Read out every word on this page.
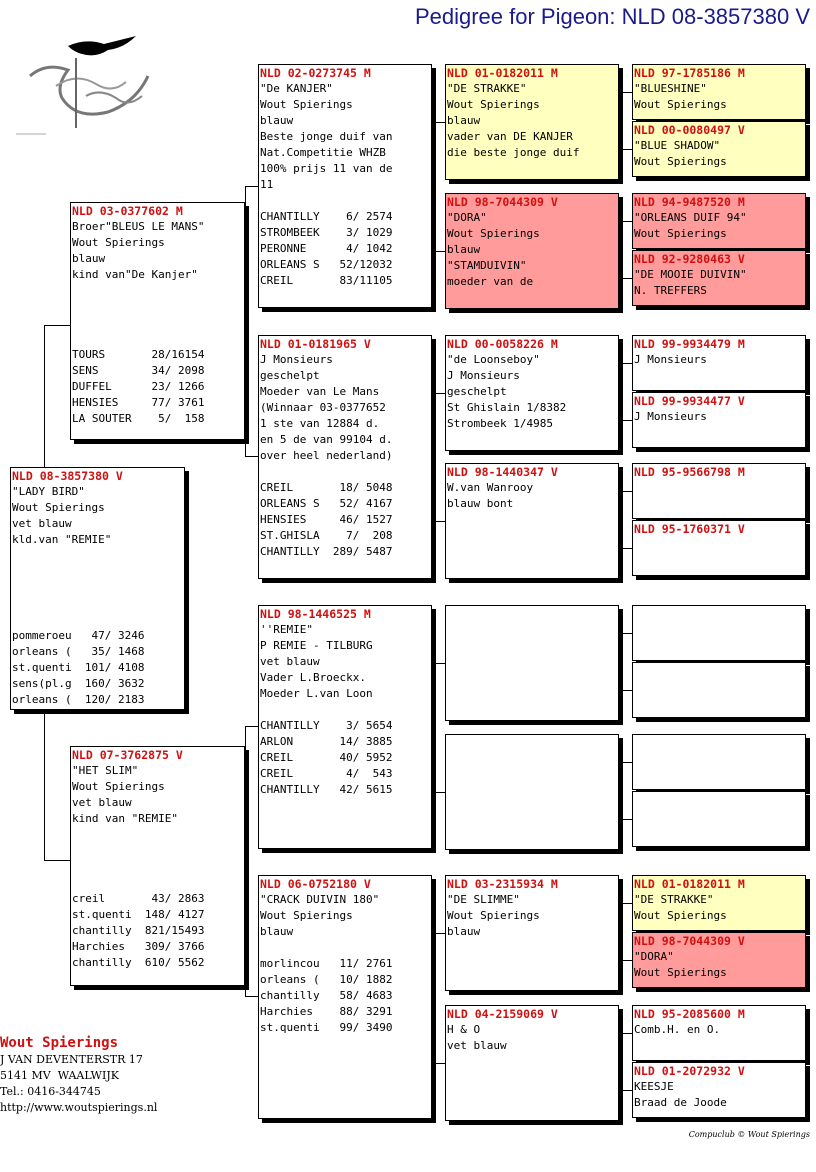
Pedigree for Pigeon: NLD 08-3857380 V
NLD 08-3857380 V
"LADY BIRD"
Wout Spierings
vet blauw
kld.van "REMIE"
pommeroeu   47/ 3246
orleans (   35/ 1468
st.quenti  101/ 4108
sens(pl.g  160/ 3632
orleans (  120/ 2183
NLD 03-0377602 M
Broer"BLEUS LE MANS"
Wout Spierings
blauw
kind van"De Kanjer"
TOURS       28/16154
SENS        34/ 2098
DUFFEL      23/ 1266
HENSIES     77/ 3761
LA SOUTER    5/  158
NLD 07-3762875 V
"HET SLIM"
Wout Spierings
vet blauw
kind van "REMIE"
creil       43/ 2863
st.quenti  148/ 4127
chantilly  821/15493
Harchies   309/ 3766
chantilly  610/ 5562
NLD 02-0273745 M
"De KANJER"
Wout Spierings
blauw
Beste jonge duif van
Nat.Competitie WHZB
100% prijs 11 van de
11
CHANTILLY    6/ 2574
STROMBEEK    3/ 1029
PERONNE      4/ 1042
ORLEANS S   52/12032
CREIL       83/11105
NLD 01-0181965 V
J Monsieurs
geschelpt
Moeder van Le Mans
(Winnaar 03-0377652
1 ste van 12884 d.
en 5 de van 99104 d.
over heel nederland)
CREIL       18/ 5048
ORLEANS S   52/ 4167
HENSIES     46/ 1527
ST.GHISLA    7/  208
CHANTILLY  289/ 5487
NLD 98-1446525 M
''REMIE"
P REMIE - TILBURG
vet blauw
Vader L.Broeckx.
Moeder L.van Loon
CHANTILLY    3/ 5654
ARLON       14/ 3885
CREIL       40/ 5952
CREIL        4/  543
CHANTILLY   42/ 5615
NLD 06-0752180 V
"CRACK DUIVIN 180"
Wout Spierings
blauw
morlincou   11/ 2761
orleans (   10/ 1882
chantilly   58/ 4683
Harchies    88/ 3291
st.quenti   99/ 3490
NLD 01-0182011 M
"DE STRAKKE"
Wout Spierings
blauw
vader van DE KANJER
die beste jonge duif
NLD 98-7044309 V
"DORA"
Wout Spierings
blauw
"STAMDUIVIN"
moeder van de
NLD 00-0058226 M
"de Loonseboy"
J Monsieurs
geschelpt
St Ghislain 1/8382
Strombeek 1/4985
NLD 98-1440347 V
W.van Wanrooy
blauw bont
NLD 03-2315934 M
"DE SLIMME"
Wout Spierings
blauw
NLD 04-2159069 V
H & O
vet blauw
NLD 97-1785186 M
"BLUESHINE"
Wout Spierings
NLD 00-0080497 V
"BLUE SHADOW"
Wout Spierings
NLD 94-9487520 M
"ORLEANS DUIF 94"
Wout Spierings
NLD 92-9280463 V
"DE MOOIE DUIVIN"
N. TREFFERS
NLD 99-9934479 M
J Monsieurs
NLD 99-9934477 V
J Monsieurs
NLD 95-9566798 M
NLD 95-1760371 V
NLD 01-0182011 M
"DE STRAKKE"
Wout Spierings
NLD 98-7044309 V
"DORA"
Wout Spierings
NLD 95-2085600 M
Comb.H. en O.
NLD 01-2072932 V
KEESJE
Braad de Joode
Wout Spierings
J VAN DEVENTERSTR 17
5141 MV  WAALWIJK
Tel.: 0416-344745
http://www.woutspierings.nl
Compuclub © Wout Spierings
